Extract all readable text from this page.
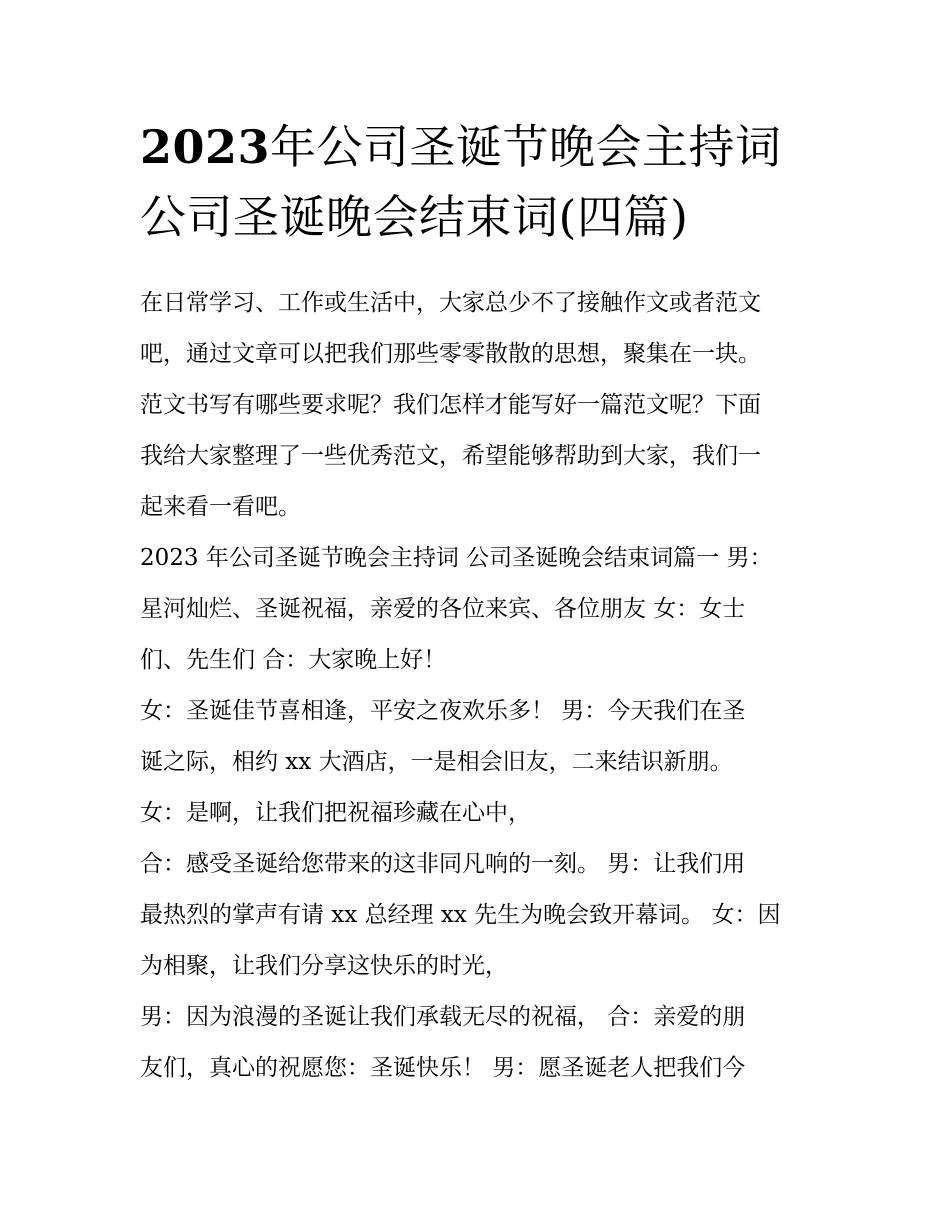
2023年公司圣诞节晚会主持词
公司圣诞晚会结束词(四篇)
在日常学习、工作或生活中，大家总少不了接触作文或者范文
吧，通过文章可以把我们那些零零散散的思想，聚集在一块。
范文书写有哪些要求呢？我们怎样才能写好一篇范文呢？下面
我给大家整理了一些优秀范文，希望能够帮助到大家，我们一
起来看一看吧。
2023 年公司圣诞节晚会主持词 公司圣诞晚会结束词篇一 男：
星河灿烂、圣诞祝福，亲爱的各位来宾、各位朋友 女：女士
们、先生们 合：大家晚上好！
女：圣诞佳节喜相逢，平安之夜欢乐多！ 男：今天我们在圣
诞之际，相约 xx 大酒店，一是相会旧友，二来结识新朋。
女：是啊，让我们把祝福珍藏在心中，
合：感受圣诞给您带来的这非同凡响的一刻。 男：让我们用
最热烈的掌声有请 xx 总经理 xx 先生为晚会致开幕词。 女：因
为相聚，让我们分享这快乐的时光，
男：因为浪漫的圣诞让我们承载无尽的祝福， 合：亲爱的朋
友们，真心的祝愿您：圣诞快乐！ 男：愿圣诞老人把我们今
